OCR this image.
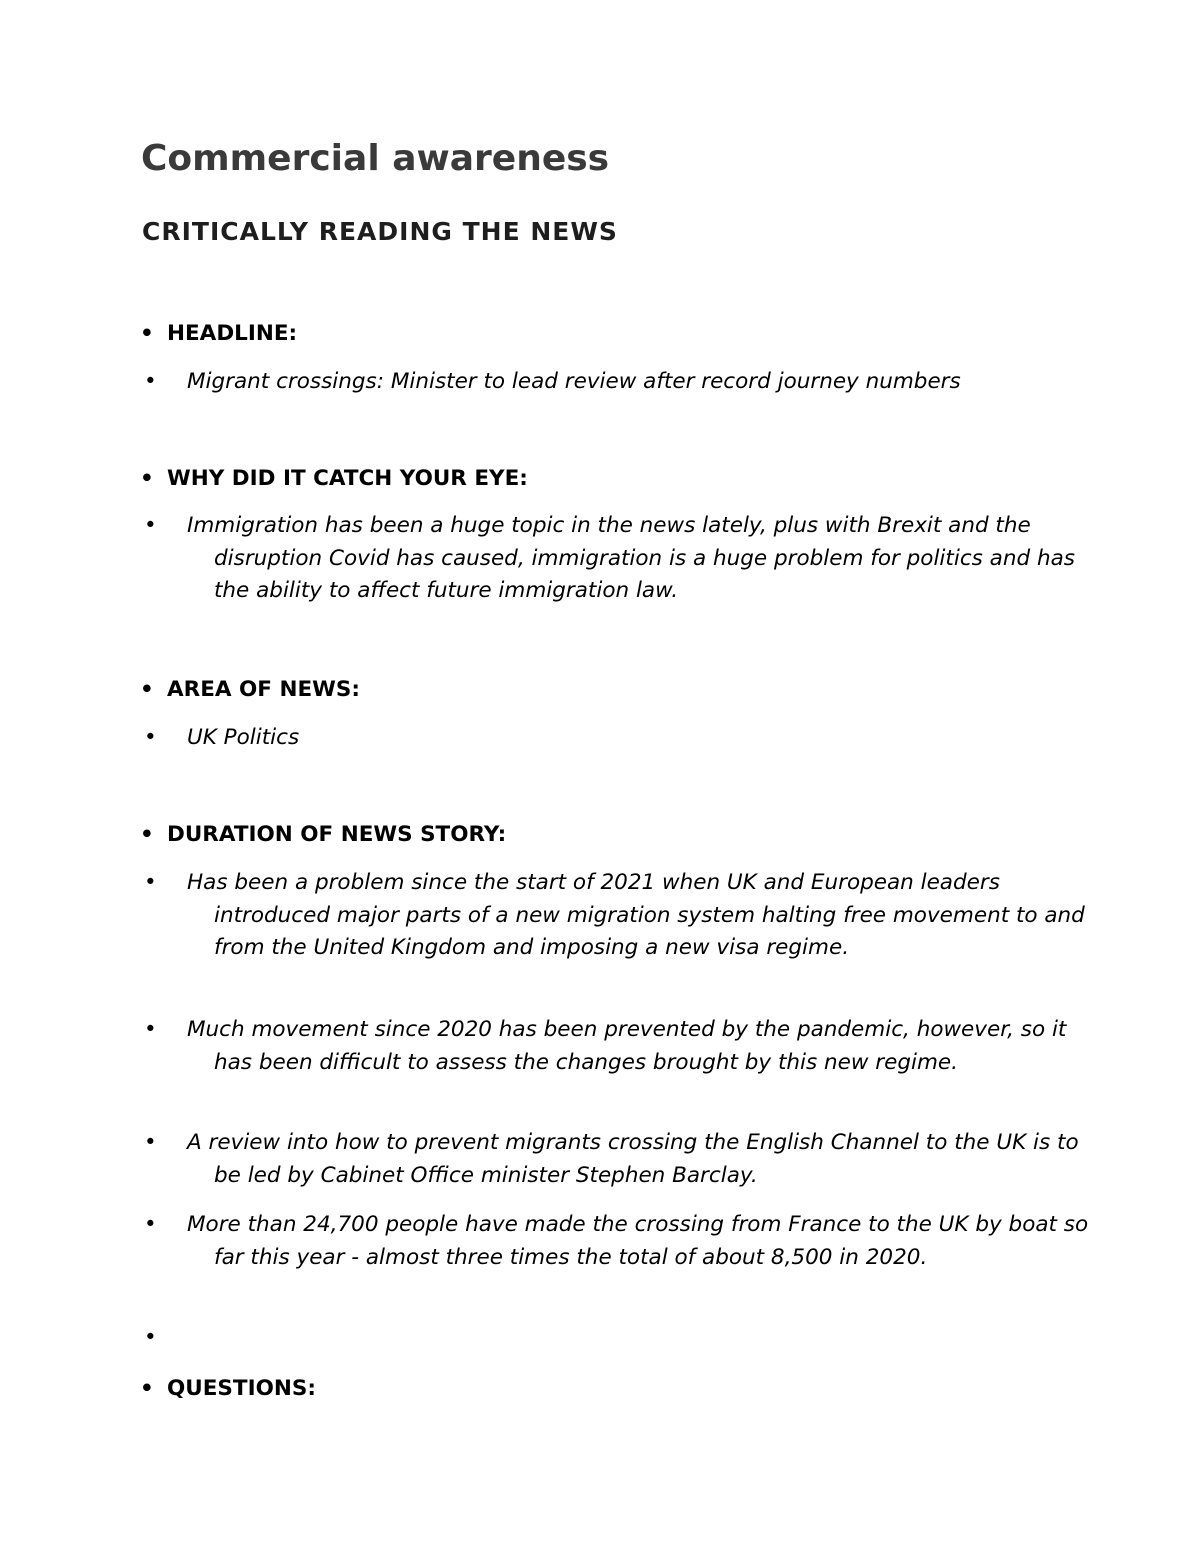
Commercial awareness
CRITICALLY READING THE NEWS
• HEADLINE:
• Migrant crossings: Minister to lead review after record journey numbers
• WHY DID IT CATCH YOUR EYE:
• Immigration has been a huge topic in the news lately, plus with Brexit and the disruption Covid has caused, immigration is a huge problem for politics and has the ability to affect future immigration law.
• AREA OF NEWS:
• UK Politics
• DURATION OF NEWS STORY:
• Has been a problem since the start of 2021 when UK and European leaders introduced major parts of a new migration system halting free movement to and from the United Kingdom and imposing a new visa regime.
• Much movement since 2020 has been prevented by the pandemic, however, so it has been difficult to assess the changes brought by this new regime.
• A review into how to prevent migrants crossing the English Channel to the UK is to be led by Cabinet Office minister Stephen Barclay.
• More than 24,700 people have made the crossing from France to the UK by boat so far this year - almost three times the total of about 8,500 in 2020.
•
• QUESTIONS:
